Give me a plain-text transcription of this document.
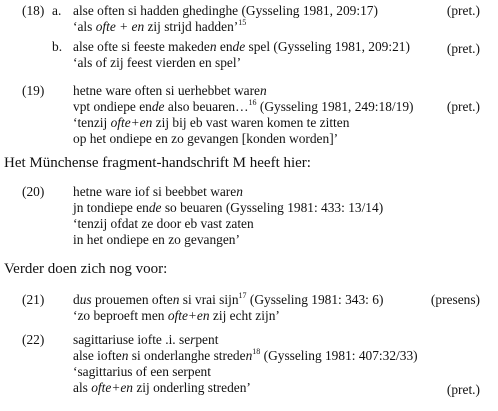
(18) a. alse often si hadden ghedinghe (Gysseling 1981, 209:17)	(pret.)
‘als ofte + en zij strijd hadden’$^{15}$
b. alse ofte si feeste makeden ende spel (Gysseling 1981, 209:21)	(pret.)
‘als of zij feest vierden en spel’
(19) hetne ware often si uerhebbet waren
vpt ondiepe ende also beuaren…$^{16}$ (Gysseling 1981, 249:18/19) (pret.)
‘tenzij ofte+en zij bij eb vast waren komen te zitten
op het ondiepe en zo gevangen [konden worden]’
Het Münchense fragment-handschrift M heeft hier:
(20) hetne ware iof si beebbet waren
jn tondiepe ende so beuaren (Gysseling 1981: 433: 13/14)
‘tenzij ofdat ze door eb vast zaten
in het ondiepe en zo gevangen’
Verder doen zich nog voor:
(21) dus prouemen often si vrai sijn$^{17}$ (Gysseling 1981: 343: 6)	(presens)
‘zo beproeft men ofte+en zij echt zijn’
(22) sagittariuse iofte .i. serpent
alse ioften si onderlanghe streden$^{18}$ (Gysseling 1981: 407:32/33)
‘sagittarius of een serpent
als ofte+en zij onderling streden’	(pret.)
